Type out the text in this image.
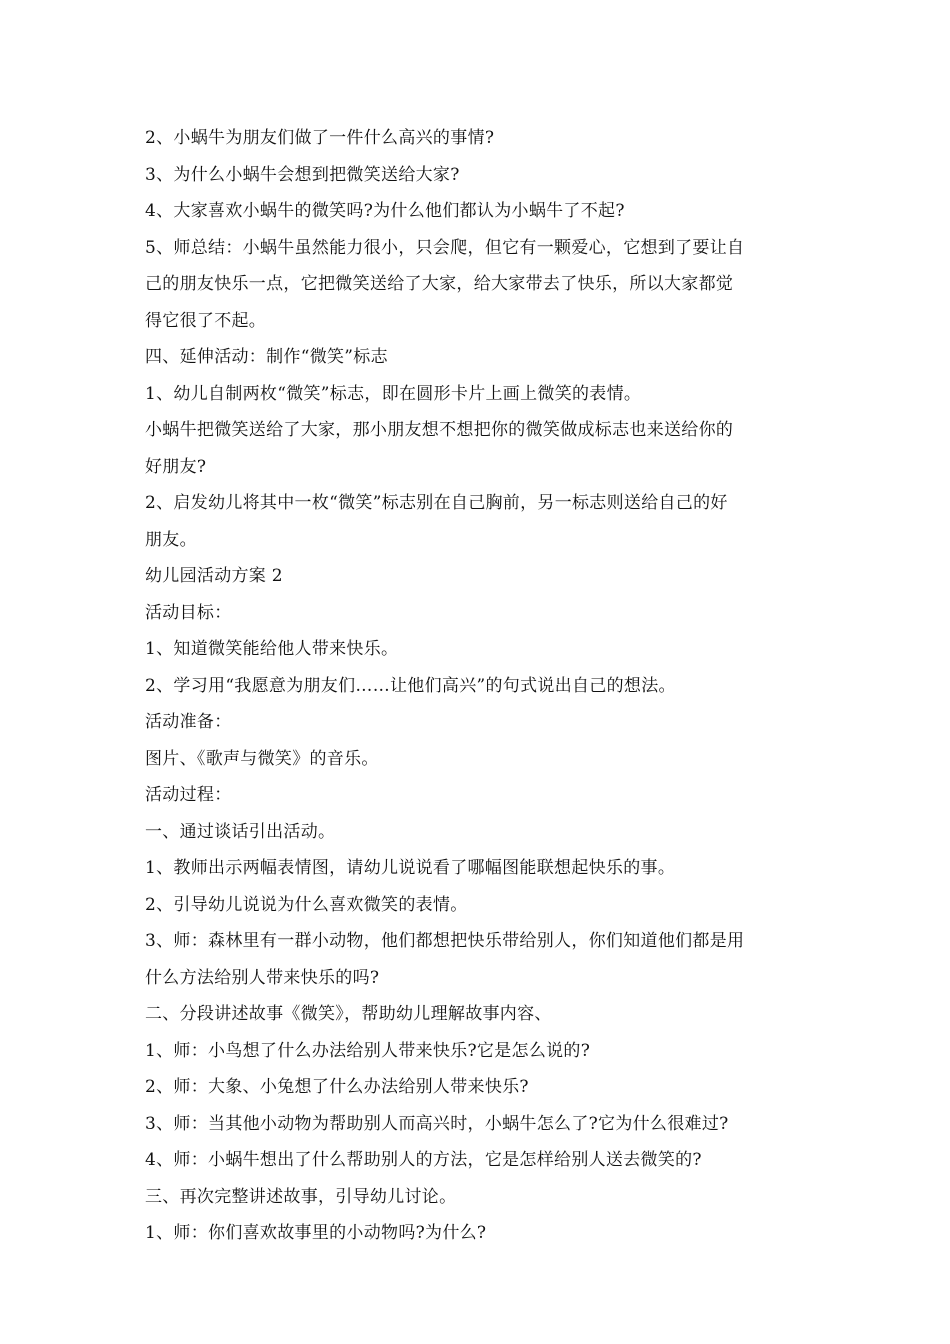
2、小蜗牛为朋友们做了一件什么高兴的事情?
3、为什么小蜗牛会想到把微笑送给大家?
4、大家喜欢小蜗牛的微笑吗?为什么他们都认为小蜗牛了不起?
5、师总结：小蜗牛虽然能力很小，只会爬，但它有一颗爱心，它想到了要让自
己的朋友快乐一点，它把微笑送给了大家，给大家带去了快乐，所以大家都觉
得它很了不起。
四、延伸活动：制作“微笑”标志
1、幼儿自制两枚“微笑”标志，即在圆形卡片上画上微笑的表情。
小蜗牛把微笑送给了大家，那小朋友想不想把你的微笑做成标志也来送给你的
好朋友?
2、启发幼儿将其中一枚“微笑”标志别在自己胸前，另一标志则送给自己的好
朋友。
幼儿园活动方案 2
活动目标：
1、知道微笑能给他人带来快乐。
2、学习用“我愿意为朋友们……让他们高兴”的句式说出自己的想法。
活动准备：
图片、《歌声与微笑》的音乐。
活动过程：
一、通过谈话引出活动。
1、教师出示两幅表情图，请幼儿说说看了哪幅图能联想起快乐的事。
2、引导幼儿说说为什么喜欢微笑的表情。
3、师：森林里有一群小动物，他们都想把快乐带给别人，你们知道他们都是用
什么方法给别人带来快乐的吗?
二、分段讲述故事《微笑》，帮助幼儿理解故事内容、
1、师：小鸟想了什么办法给别人带来快乐?它是怎么说的?
2、师：大象、小兔想了什么办法给别人带来快乐?
3、师：当其他小动物为帮助别人而高兴时，小蜗牛怎么了?它为什么很难过?
4、师：小蜗牛想出了什么帮助别人的方法，它是怎样给别人送去微笑的?
三、再次完整讲述故事，引导幼儿讨论。
1、师：你们喜欢故事里的小动物吗?为什么?
